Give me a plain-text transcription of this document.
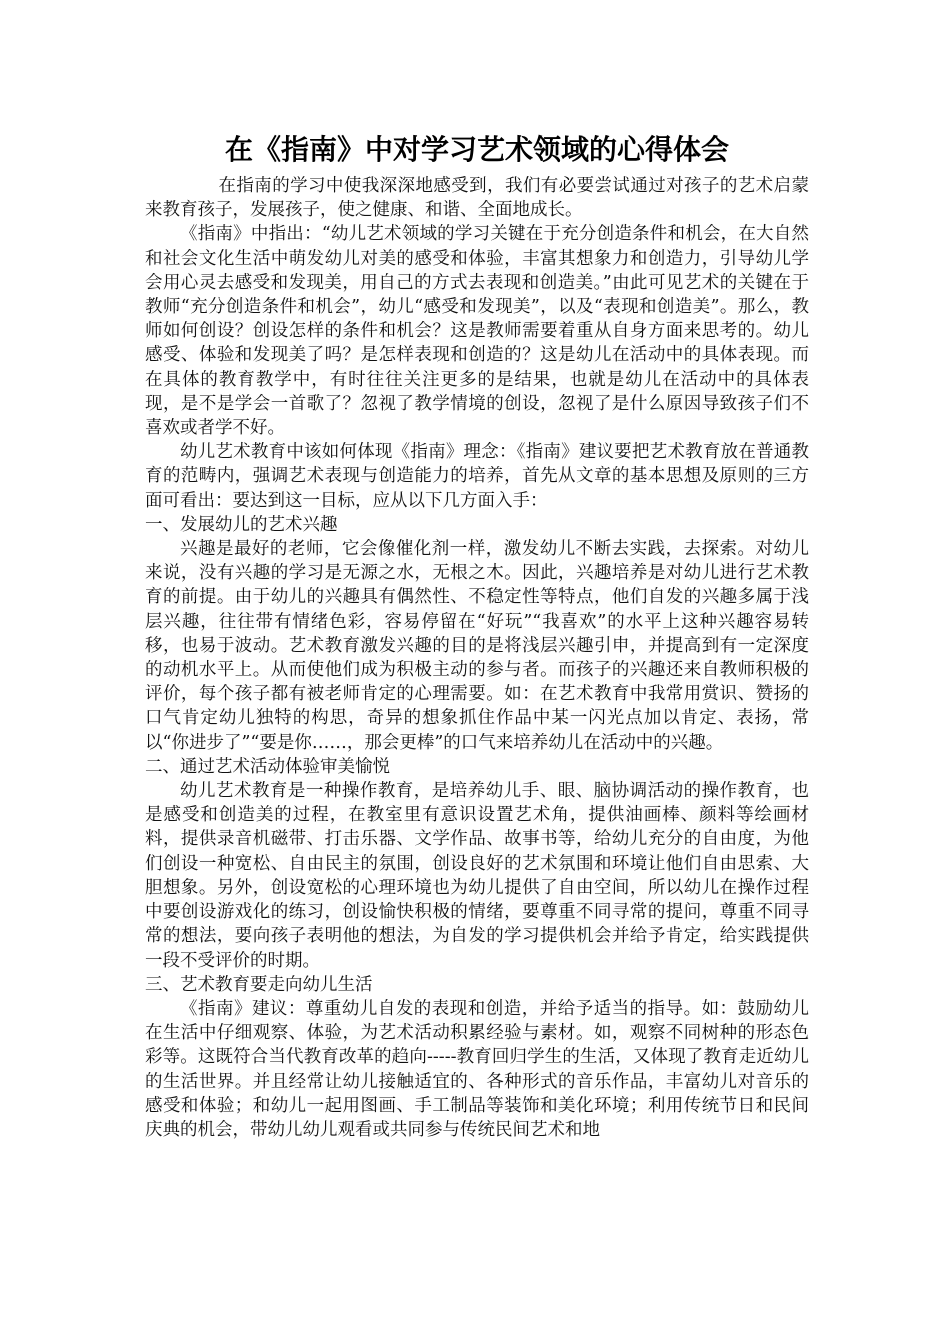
在《指南》中对学习艺术领域的心得体会

在指南的学习中使我深深地感受到，我们有必要尝试通过对孩子的艺术启蒙来教育孩子，发展孩子，使之健康、和谐、全面地成长。

《指南》中指出：“幼儿艺术领域的学习关键在于充分创造条件和机会，在大自然和社会文化生活中萌发幼儿对美的感受和体验，丰富其想象力和创造力，引导幼儿学会用心灵去感受和发现美，用自己的方式去表现和创造美。”由此可见艺术的关键在于教师“充分创造条件和机会”，幼儿“感受和发现美”，以及“表现和创造美”。那么，教师如何创设？创设怎样的条件和机会？这是教师需要着重从自身方面来思考的。幼儿感受、体验和发现美了吗？是怎样表现和创造的？这是幼儿在活动中的具体表现。而在具体的教育教学中，有时往往关注更多的是结果，也就是幼儿在活动中的具体表现，是不是学会一首歌了？忽视了教学情境的创设，忽视了是什么原因导致孩子们不喜欢或者学不好。

幼儿艺术教育中该如何体现《指南》理念：《指南》建议要把艺术教育放在普通教育的范畴内，强调艺术表现与创造能力的培养，首先从文章的基本思想及原则的三方面可看出：要达到这一目标，应从以下几方面入手：

一、发展幼儿的艺术兴趣

兴趣是最好的老师，它会像催化剂一样，激发幼儿不断去实践，去探索。对幼儿来说，没有兴趣的学习是无源之水，无根之木。因此，兴趣培养是对幼儿进行艺术教育的前提。由于幼儿的兴趣具有偶然性、不稳定性等特点，他们自发的兴趣多属于浅层兴趣，往往带有情绪色彩，容易停留在“好玩”“我喜欢”的水平上这种兴趣容易转移，也易于波动。艺术教育激发兴趣的目的是将浅层兴趣引申，并提高到有一定深度的动机水平上。从而使他们成为积极主动的参与者。而孩子的兴趣还来自教师积极的评价，每个孩子都有被老师肯定的心理需要。如：在艺术教育中我常用赏识、赞扬的口气肯定幼儿独特的构思，奇异的想象抓住作品中某一闪光点加以肯定、表扬，常以“你进步了”“要是你……，那会更棒”的口气来培养幼儿在活动中的兴趣。

二、通过艺术活动体验审美愉悦

幼儿艺术教育是一种操作教育，是培养幼儿手、眼、脑协调活动的操作教育，也是感受和创造美的过程，在教室里有意识设置艺术角，提供油画棒、颜料等绘画材料，提供录音机磁带、打击乐器、文学作品、故事书等，给幼儿充分的自由度，为他们创设一种宽松、自由民主的氛围，创设良好的艺术氛围和环境让他们自由思索、大胆想象。另外，创设宽松的心理环境也为幼儿提供了自由空间，所以幼儿在操作过程中要创设游戏化的练习，创设愉快积极的情绪，要尊重不同寻常的提问，尊重不同寻常的想法，要向孩子表明他的想法，为自发的学习提供机会并给予肯定，给实践提供一段不受评价的时期。

三、艺术教育要走向幼儿生活

《指南》建议：尊重幼儿自发的表现和创造，并给予适当的指导。如：鼓励幼儿在生活中仔细观察、体验，为艺术活动积累经验与素材。如，观察不同树种的形态色彩等。这既符合当代教育改革的趋向-----教育回归学生的生活，又体现了教育走近幼儿的生活世界。并且经常让幼儿接触适宜的、各种形式的音乐作品，丰富幼儿对音乐的感受和体验；和幼儿一起用图画、手工制品等装饰和美化环境；利用传统节日和民间庆典的机会，带幼儿幼儿观看或共同参与传统民间艺术和地
